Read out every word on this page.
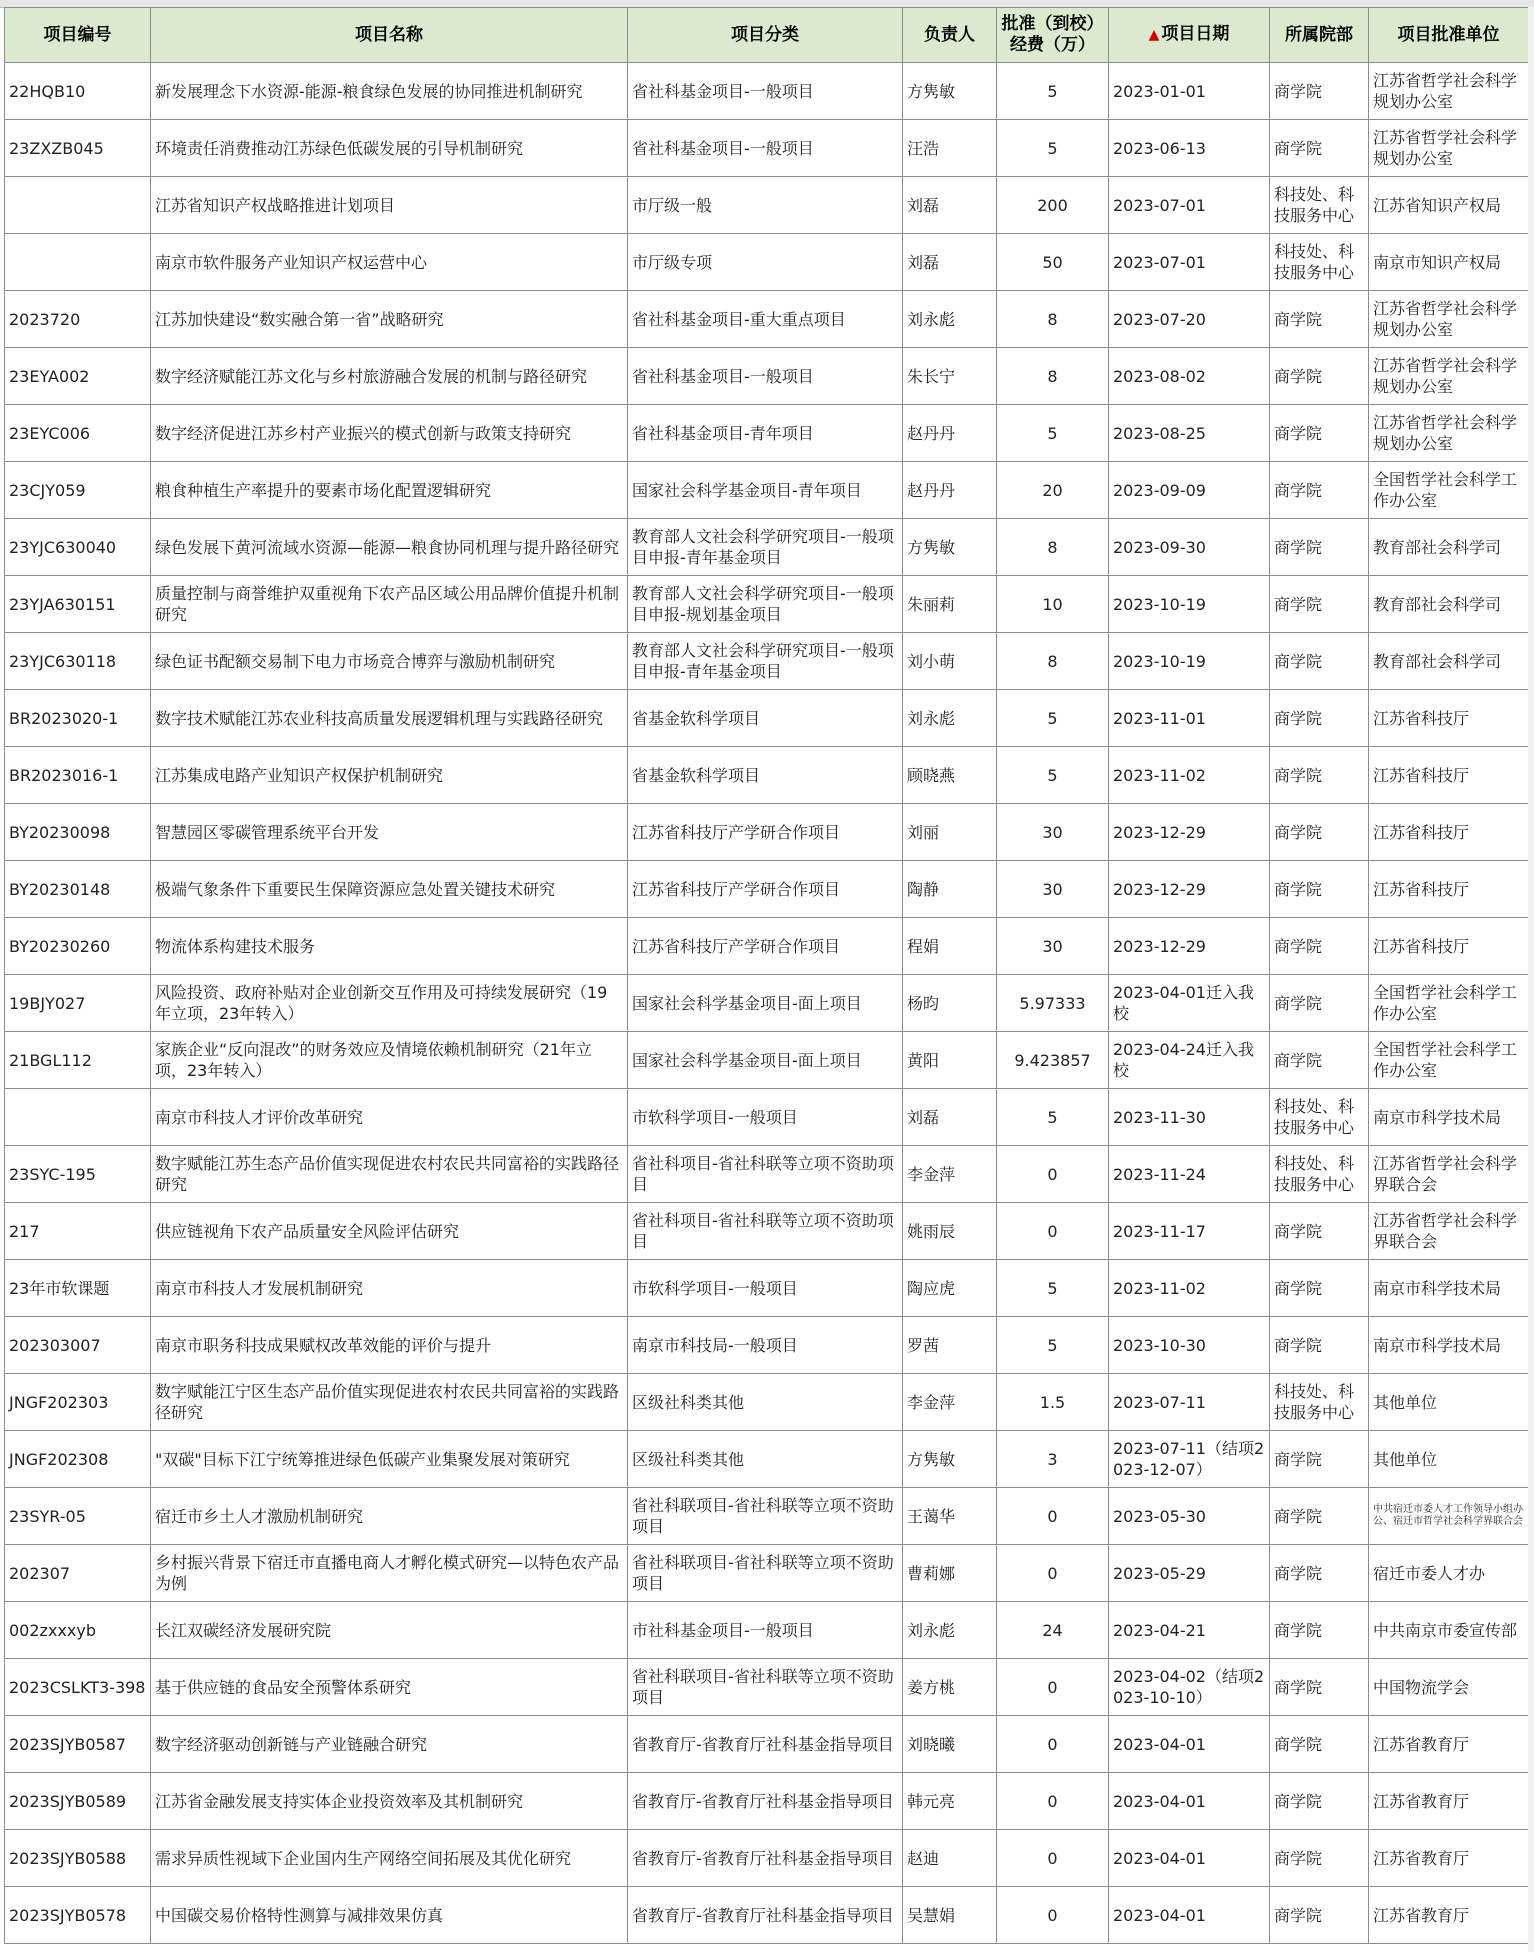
项目编号	项目名称	项目分类	负责人	批准（到校）经费（万）	▲ 项目日期	所属院部	项目批准单位
22HQB10	新发展理念下水资源-能源-粮食绿色发展的协同推进机制研究	省社科基金项目-一般项目	方隽敏	5	2023-01-01	商学院	江苏省哲学社会科学规划办公室
23ZXZB045	环境责任消费推动江苏绿色低碳发展的引导机制研究	省社科基金项目-一般项目	汪浩	5	2023-06-13	商学院	江苏省哲学社会科学规划办公室
	江苏省知识产权战略推进计划项目	市厅级一般	刘磊	200	2023-07-01	科技处、科技服务中心	江苏省知识产权局
	南京市软件服务产业知识产权运营中心	市厅级专项	刘磊	50	2023-07-01	科技处、科技服务中心	南京市知识产权局
2023720	江苏加快建设“数实融合第一省”战略研究	省社科基金项目-重大重点项目	刘永彪	8	2023-07-20	商学院	江苏省哲学社会科学规划办公室
23EYA002	数字经济赋能江苏文化与乡村旅游融合发展的机制与路径研究	省社科基金项目-一般项目	朱长宁	8	2023-08-02	商学院	江苏省哲学社会科学规划办公室
23EYC006	数字经济促进江苏乡村产业振兴的模式创新与政策支持研究	省社科基金项目-青年项目	赵丹丹	5	2023-08-25	商学院	江苏省哲学社会科学规划办公室
23CJY059	粮食种植生产率提升的要素市场化配置逻辑研究	国家社会科学基金项目-青年项目	赵丹丹	20	2023-09-09	商学院	全国哲学社会科学工作办公室
23YJC630040	绿色发展下黄河流域水资源—能源—粮食协同机理与提升路径研究	教育部人文社会科学研究项目-一般项目申报-青年基金项目	方隽敏	8	2023-09-30	商学院	教育部社会科学司
23YJA630151	质量控制与商誉维护双重视角下农产品区域公用品牌价值提升机制研究	教育部人文社会科学研究项目-一般项目申报-规划基金项目	朱丽莉	10	2023-10-19	商学院	教育部社会科学司
23YJC630118	绿色证书配额交易制下电力市场竞合博弈与激励机制研究	教育部人文社会科学研究项目-一般项目申报-青年基金项目	刘小萌	8	2023-10-19	商学院	教育部社会科学司
BR2023020-1	数字技术赋能江苏农业科技高质量发展逻辑机理与实践路径研究	省基金软科学项目	刘永彪	5	2023-11-01	商学院	江苏省科技厅
BR2023016-1	江苏集成电路产业知识产权保护机制研究	省基金软科学项目	顾晓燕	5	2023-11-02	商学院	江苏省科技厅
BY20230098	智慧园区零碳管理系统平台开发	江苏省科技厅产学研合作项目	刘丽	30	2023-12-29	商学院	江苏省科技厅
BY20230148	极端气象条件下重要民生保障资源应急处置关键技术研究	江苏省科技厅产学研合作项目	陶静	30	2023-12-29	商学院	江苏省科技厅
BY20230260	物流体系构建技术服务	江苏省科技厅产学研合作项目	程娟	30	2023-12-29	商学院	江苏省科技厅
19BJY027	风险投资、政府补贴对企业创新交互作用及可持续发展研究（19年立项，23年转入）	国家社会科学基金项目-面上项目	杨昀	5.97333	2023-04-01迁入我校	商学院	全国哲学社会科学工作办公室
21BGL112	家族企业“反向混改”的财务效应及情境依赖机制研究（21年立项，23年转入）	国家社会科学基金项目-面上项目	黄阳	9.423857	2023-04-24迁入我校	商学院	全国哲学社会科学工作办公室
	南京市科技人才评价改革研究	市软科学项目-一般项目	刘磊	5	2023-11-30	科技处、科技服务中心	南京市科学技术局
23SYC-195	数字赋能江苏生态产品价值实现促进农村农民共同富裕的实践路径研究	省社科项目-省社科联等立项不资助项目	李金萍	0	2023-11-24	科技处、科技服务中心	江苏省哲学社会科学界联合会
217	供应链视角下农产品质量安全风险评估研究	省社科项目-省社科联等立项不资助项目	姚雨辰	0	2023-11-17	商学院	江苏省哲学社会科学界联合会
23年市软课题	南京市科技人才发展机制研究	市软科学项目-一般项目	陶应虎	5	2023-11-02	商学院	南京市科学技术局
202303007	南京市职务科技成果赋权改革效能的评价与提升	南京市科技局-一般项目	罗茜	5	2023-10-30	商学院	南京市科学技术局
JNGF202303	数字赋能江宁区生态产品价值实现促进农村农民共同富裕的实践路径研究	区级社科类其他	李金萍	1.5	2023-07-11	科技处、科技服务中心	其他单位
JNGF202308	"双碳"目标下江宁统筹推进绿色低碳产业集聚发展对策研究	区级社科类其他	方隽敏	3	2023-07-11（结项2023-12-07）	商学院	其他单位
23SYR-05	宿迁市乡土人才激励机制研究	省社科联项目-省社科联等立项不资助项目	王蔼华	0	2023-05-30	商学院	中共宿迁市委人才工作领导小组办公、宿迁市哲学社会科学界联合会
202307	乡村振兴背景下宿迁市直播电商人才孵化模式研究—以特色农产品为例	省社科联项目-省社科联等立项不资助项目	曹莉娜	0	2023-05-29	商学院	宿迁市委人才办
002zxxxyb	长江双碳经济发展研究院	市社科基金项目-一般项目	刘永彪	24	2023-04-21	商学院	中共南京市委宣传部
2023CSLKT3-398	基于供应链的食品安全预警体系研究	省社科联项目-省社科联等立项不资助项目	姜方桃	0	2023-04-02（结项2023-10-10）	商学院	中国物流学会
2023SJYB0587	数字经济驱动创新链与产业链融合研究	省教育厅-省教育厅社科基金指导项目	刘晓曦	0	2023-04-01	商学院	江苏省教育厅
2023SJYB0589	江苏省金融发展支持实体企业投资效率及其机制研究	省教育厅-省教育厅社科基金指导项目	韩元亮	0	2023-04-01	商学院	江苏省教育厅
2023SJYB0588	需求异质性视域下企业国内生产网络空间拓展及其优化研究	省教育厅-省教育厅社科基金指导项目	赵迪	0	2023-04-01	商学院	江苏省教育厅
2023SJYB0578	中国碳交易价格特性测算与减排效果仿真	省教育厅-省教育厅社科基金指导项目	吴慧娟	0	2023-04-01	商学院	江苏省教育厅
